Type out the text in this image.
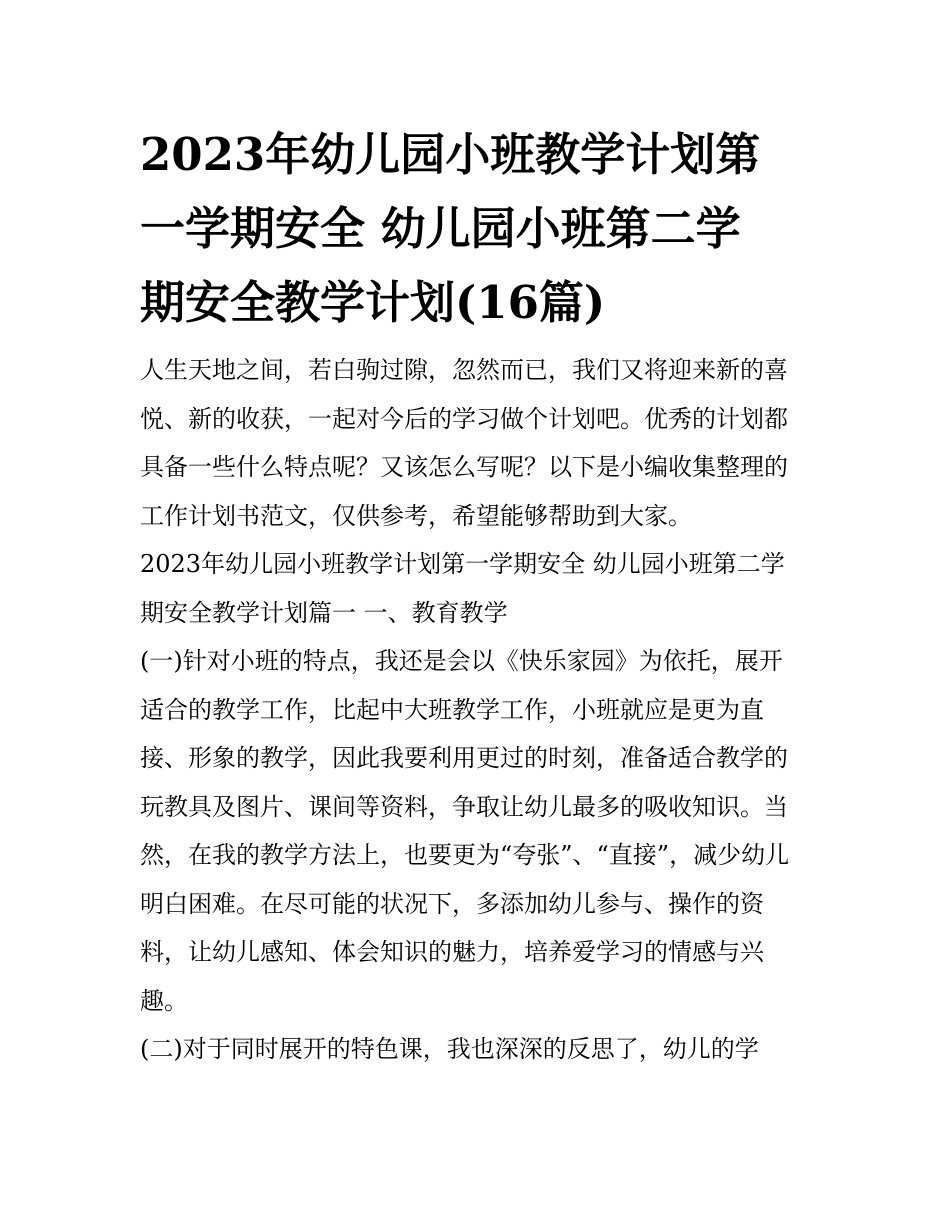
2023年幼儿园小班教学计划第
一学期安全 幼儿园小班第二学
期安全教学计划(16篇)
人生天地之间，若白驹过隙，忽然而已，我们又将迎来新的喜
悦、新的收获，一起对今后的学习做个计划吧。优秀的计划都
具备一些什么特点呢？又该怎么写呢？以下是小编收集整理的
工作计划书范文，仅供参考，希望能够帮助到大家。
2023年幼儿园小班教学计划第一学期安全 幼儿园小班第二学
期安全教学计划篇一 一、教育教学
(一)针对小班的特点，我还是会以《快乐家园》为依托，展开
适合的教学工作，比起中大班教学工作，小班就应是更为直
接、形象的教学，因此我要利用更过的时刻，准备适合教学的
玩教具及图片、课间等资料，争取让幼儿最多的吸收知识。当
然，在我的教学方法上，也要更为“夸张”、“直接”，减少幼儿
明白困难。在尽可能的状况下，多添加幼儿参与、操作的资
料，让幼儿感知、体会知识的魅力，培养爱学习的情感与兴
趣。
(二)对于同时展开的特色课，我也深深的反思了，幼儿的学
